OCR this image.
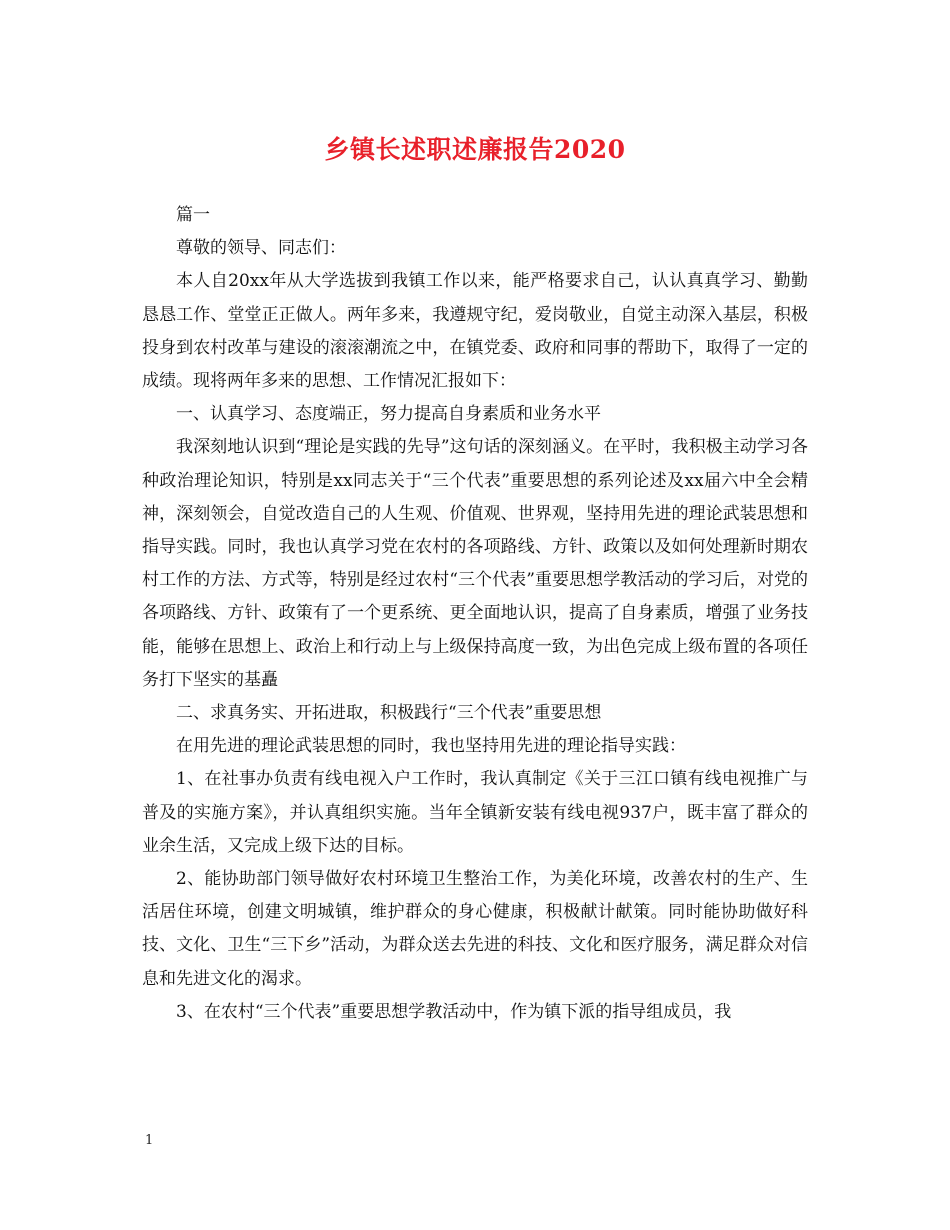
乡镇长述职述廉报告2020

篇一

尊敬的领导、同志们：

本人自20xx年从大学选拔到我镇工作以来，能严格要求自己，认认真真学习、勤勤恳恳工作、堂堂正正做人。两年多来，我遵规守纪，爱岗敬业，自觉主动深入基层，积极投身到农村改革与建设的滚滚潮流之中，在镇党委、政府和同事的帮助下，取得了一定的成绩。现将两年多来的思想、工作情况汇报如下：

一、认真学习、态度端正，努力提高自身素质和业务水平

我深刻地认识到“理论是实践的先导”这句话的深刻涵义。在平时，我积极主动学习各种政治理论知识，特别是xx同志关于“三个代表”重要思想的系列论述及xx届六中全会精神，深刻领会，自觉改造自己的人生观、价值观、世界观，坚持用先进的理论武装思想和指导实践。同时，我也认真学习党在农村的各项路线、方针、政策以及如何处理新时期农村工作的方法、方式等，特别是经过农村“三个代表”重要思想学教活动的学习后，对党的各项路线、方针、政策有了一个更系统、更全面地认识，提高了自身素质，增强了业务技能，能够在思想上、政治上和行动上与上级保持高度一致，为出色完成上级布置的各项任务打下坚实的基矗

二、求真务实、开拓进取，积极践行“三个代表”重要思想

在用先进的理论武装思想的同时，我也坚持用先进的理论指导实践：

1、在社事办负责有线电视入户工作时，我认真制定《关于三江口镇有线电视推广与普及的实施方案》，并认真组织实施。当年全镇新安装有线电视937户，既丰富了群众的业余生活，又完成上级下达的目标。

2、能协助部门领导做好农村环境卫生整治工作，为美化环境，改善农村的生产、生活居住环境，创建文明城镇，维护群众的身心健康，积极献计献策。同时能协助做好科技、文化、卫生“三下乡”活动，为群众送去先进的科技、文化和医疗服务，满足群众对信息和先进文化的渴求。

3、在农村“三个代表”重要思想学教活动中，作为镇下派的指导组成员，我

1
